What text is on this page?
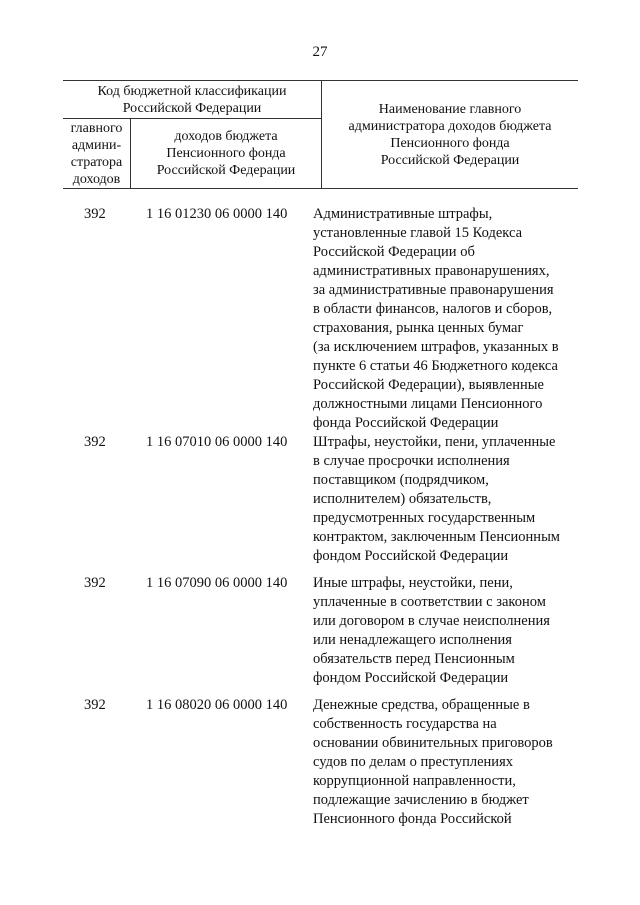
27
Код бюджетной классификации
Российской Федерации		Наименование главного
администратора доходов бюджета
Пенсионного фонда
Российской Федерации
главного
админи-
стратора
доходов	доходов бюджета
Пенсионного фонда
Российской Федерации	
392	1 16 01230 06 0000 140	Административные штрафы,
установленные главой 15 Кодекса
Российской Федерации об
административных правонарушениях,
за административные правонарушения
в области финансов, налогов и сборов,
страхования, рынка ценных бумаг
(за исключением штрафов, указанных в
пункте 6 статьи 46 Бюджетного кодекса
Российской Федерации), выявленные
должностными лицами Пенсионного
фонда Российской Федерации
392	1 16 07010 06 0000 140	Штрафы, неустойки, пени, уплаченные
в случае просрочки исполнения
поставщиком (подрядчиком,
исполнителем) обязательств,
предусмотренных государственным
контрактом, заключенным Пенсионным
фондом Российской Федерации
392	1 16 07090 06 0000 140	Иные штрафы, неустойки, пени,
уплаченные в соответствии с законом
или договором в случае неисполнения
или ненадлежащего исполнения
обязательств перед Пенсионным
фондом Российской Федерации
392	1 16 08020 06 0000 140	Денежные средства, обращенные в
собственность государства на
основании обвинительных приговоров
судов по делам о преступлениях
коррупционной направленности,
подлежащие зачислению в бюджет
Пенсионного фонда Российской
